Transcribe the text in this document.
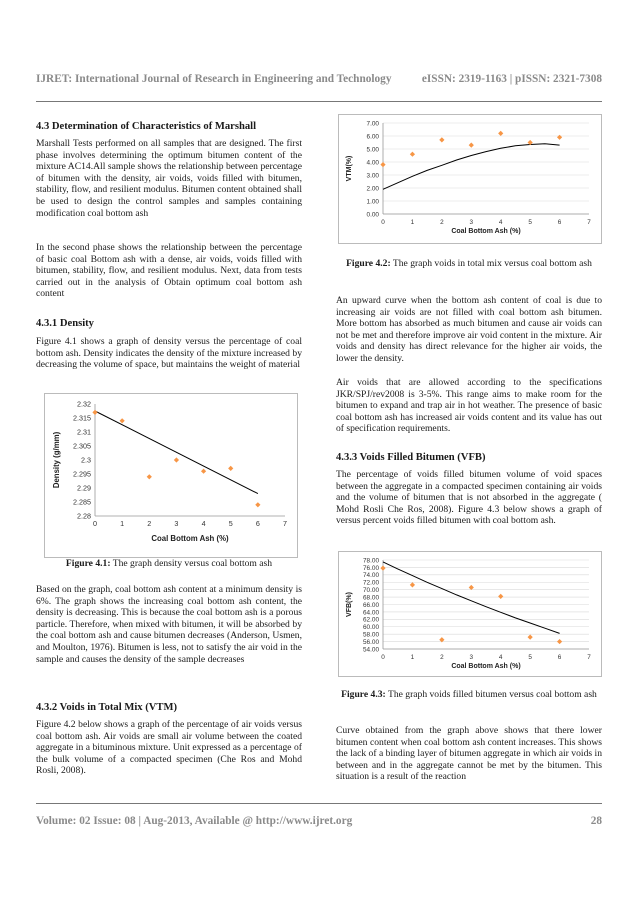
IJRET: International Journal of Research in Engineering and Technology	eISSN: 2319-1163 | pISSN: 2321-7308
4.3 Determination of Characteristics of Marshall

Marshall Tests performed on all samples that are designed. The first phase involves determining the optimum bitumen content of the mixture AC14.All sample shows the relationship between percentage of bitumen with the density, air voids, voids filled with bitumen, stability, flow, and resilient modulus. Bitumen content obtained shall be used to design the control samples and samples containing modification coal bottom ash

In the second phase shows the relationship between the percentage of basic coal Bottom ash with a dense, air voids, voids filled with bitumen, stability, flow, and resilient modulus. Next, data from tests carried out in the analysis of Obtain optimum coal bottom ash content

4.3.1 Density

Figure 4.1 shows a graph of density versus the percentage of coal bottom ash. Density indicates the density of the mixture increased by decreasing the volume of space, but maintains the weight of material

2.28
2.285
2.29
2.295
2.3
2.305
2.31
2.315
2.32
0	1	2	3	4	5	6	7
Coal Bottom Ash (%)
Density (g/mm)
Figure 4.1: The graph density versus coal bottom ash

Based on the graph, coal bottom ash content at a minimum density is 6%. The graph shows the increasing coal bottom ash content, the density is decreasing. This is because the coal bottom ash is a porous particle. Therefore, when mixed with bitumen, it will be absorbed by the coal bottom ash and cause bitumen decreases (Anderson, Usmen, and Moulton, 1976). Bitumen is less, not to satisfy the air void in the sample and causes the density of the sample decreases

4.3.2 Voids in Total Mix (VTM)

Figure 4.2 below shows a graph of the percentage of air voids versus coal bottom ash. Air voids are small air volume between the coated aggregate in a bituminous mixture. Unit expressed as a percentage of the bulk volume of a compacted specimen (Che Ros and Mohd Rosli, 2008).

0.00
1.00
2.00
3.00
4.00
5.00
6.00
7.00
0	1	2	3	4	5	6	7
Coal Bottom Ash (%)
VTM(%)
Figure 4.2: The graph voids in total mix versus coal bottom ash

An upward curve when the bottom ash content of coal is due to increasing air voids are not filled with coal bottom ash bitumen. More bottom has absorbed as much bitumen and cause air voids can not be met and therefore improve air void content in the mixture. Air voids and density has direct relevance for the higher air voids, the lower the density.

Air voids that are allowed according to the specifications JKR/SPJ/rev2008 is 3-5%. This range aims to make room for the bitumen to expand and trap air in hot weather. The presence of basic coal bottom ash has increased air voids content and its value has out of specification requirements.

4.3.3 Voids Filled Bitumen (VFB)

The percentage of voids filled bitumen volume of void spaces between the aggregate in a compacted specimen containing air voids and the volume of bitumen that is not absorbed in the aggregate ( Mohd Rosli Che Ros, 2008). Figure 4.3 below shows a graph of versus percent voids filled bitumen with coal bottom ash.

54.00
56.00
58.00
60.00
62.00
64.00
66.00
68.00
70.00
72.00
74.00
76.00
78.00
0	1	2	3	4	5	6	7
Coal Bottom Ash (%)
VFB(%)
Figure 4.3: The graph voids filled bitumen versus coal bottom ash

Curve obtained from the graph above shows that there lower bitumen content when coal bottom ash content increases. This shows the lack of a binding layer of bitumen aggregate in which air voids in between and in the aggregate cannot be met by the bitumen. This situation is a result of the reaction

Volume: 02 Issue: 08 | Aug-2013, Available @ http://www.ijret.org	28
